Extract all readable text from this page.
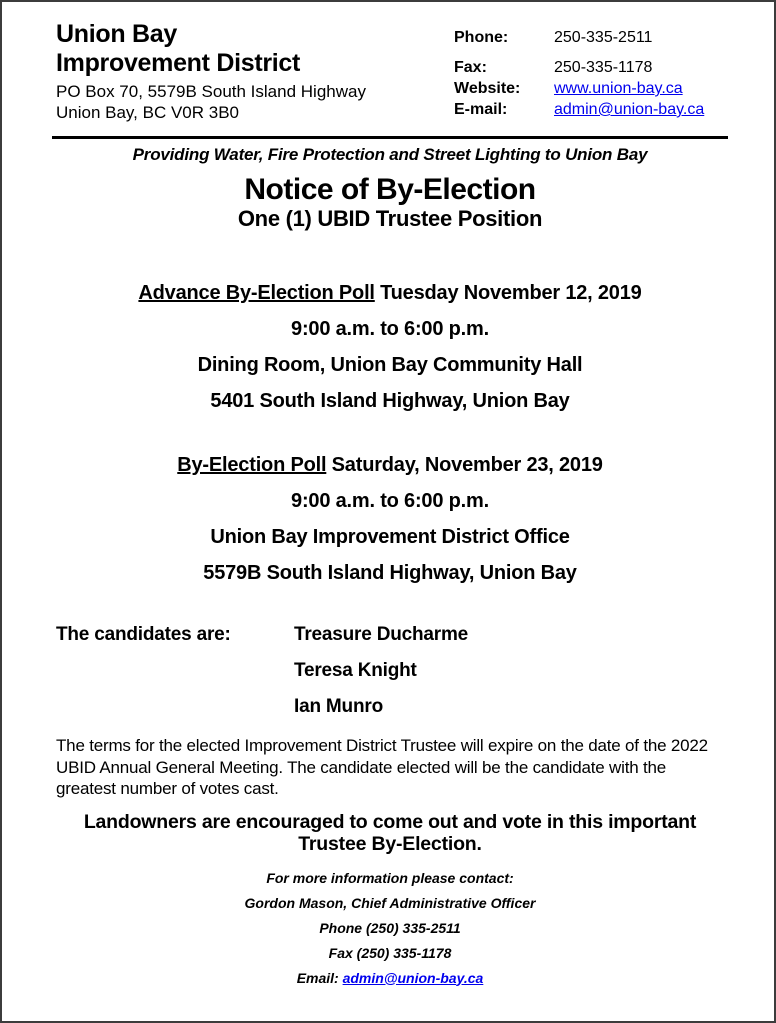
Union Bay
Improvement District
PO Box 70, 5579B South Island Highway
Union Bay, BC V0R 3B0
Phone:	250-335-2511
Fax:	250-335-1178
Website:	www.union-bay.ca
E-mail:	admin@union-bay.ca
Providing Water, Fire Protection and Street Lighting to Union Bay
Notice of By-Election
One (1) UBID Trustee Position
Advance By-Election Poll Tuesday November 12, 2019
9:00 a.m. to 6:00 p.m.
Dining Room, Union Bay Community Hall
5401 South Island Highway, Union Bay
By-Election Poll Saturday, November 23, 2019
9:00 a.m. to 6:00 p.m.
Union Bay Improvement District Office
5579B South Island Highway, Union Bay
The candidates are:	Treasure Ducharme
Teresa Knight
Ian Munro

The terms for the elected Improvement District Trustee will expire on the date of the 2022 UBID Annual General Meeting. The candidate elected will be the candidate with the greatest number of votes cast.

Landowners are encouraged to come out and vote in this important Trustee By-Election.

For more information please contact:
Gordon Mason, Chief Administrative Officer
Phone (250) 335-2511
Fax (250) 335-1178
Email: admin@union-bay.ca
